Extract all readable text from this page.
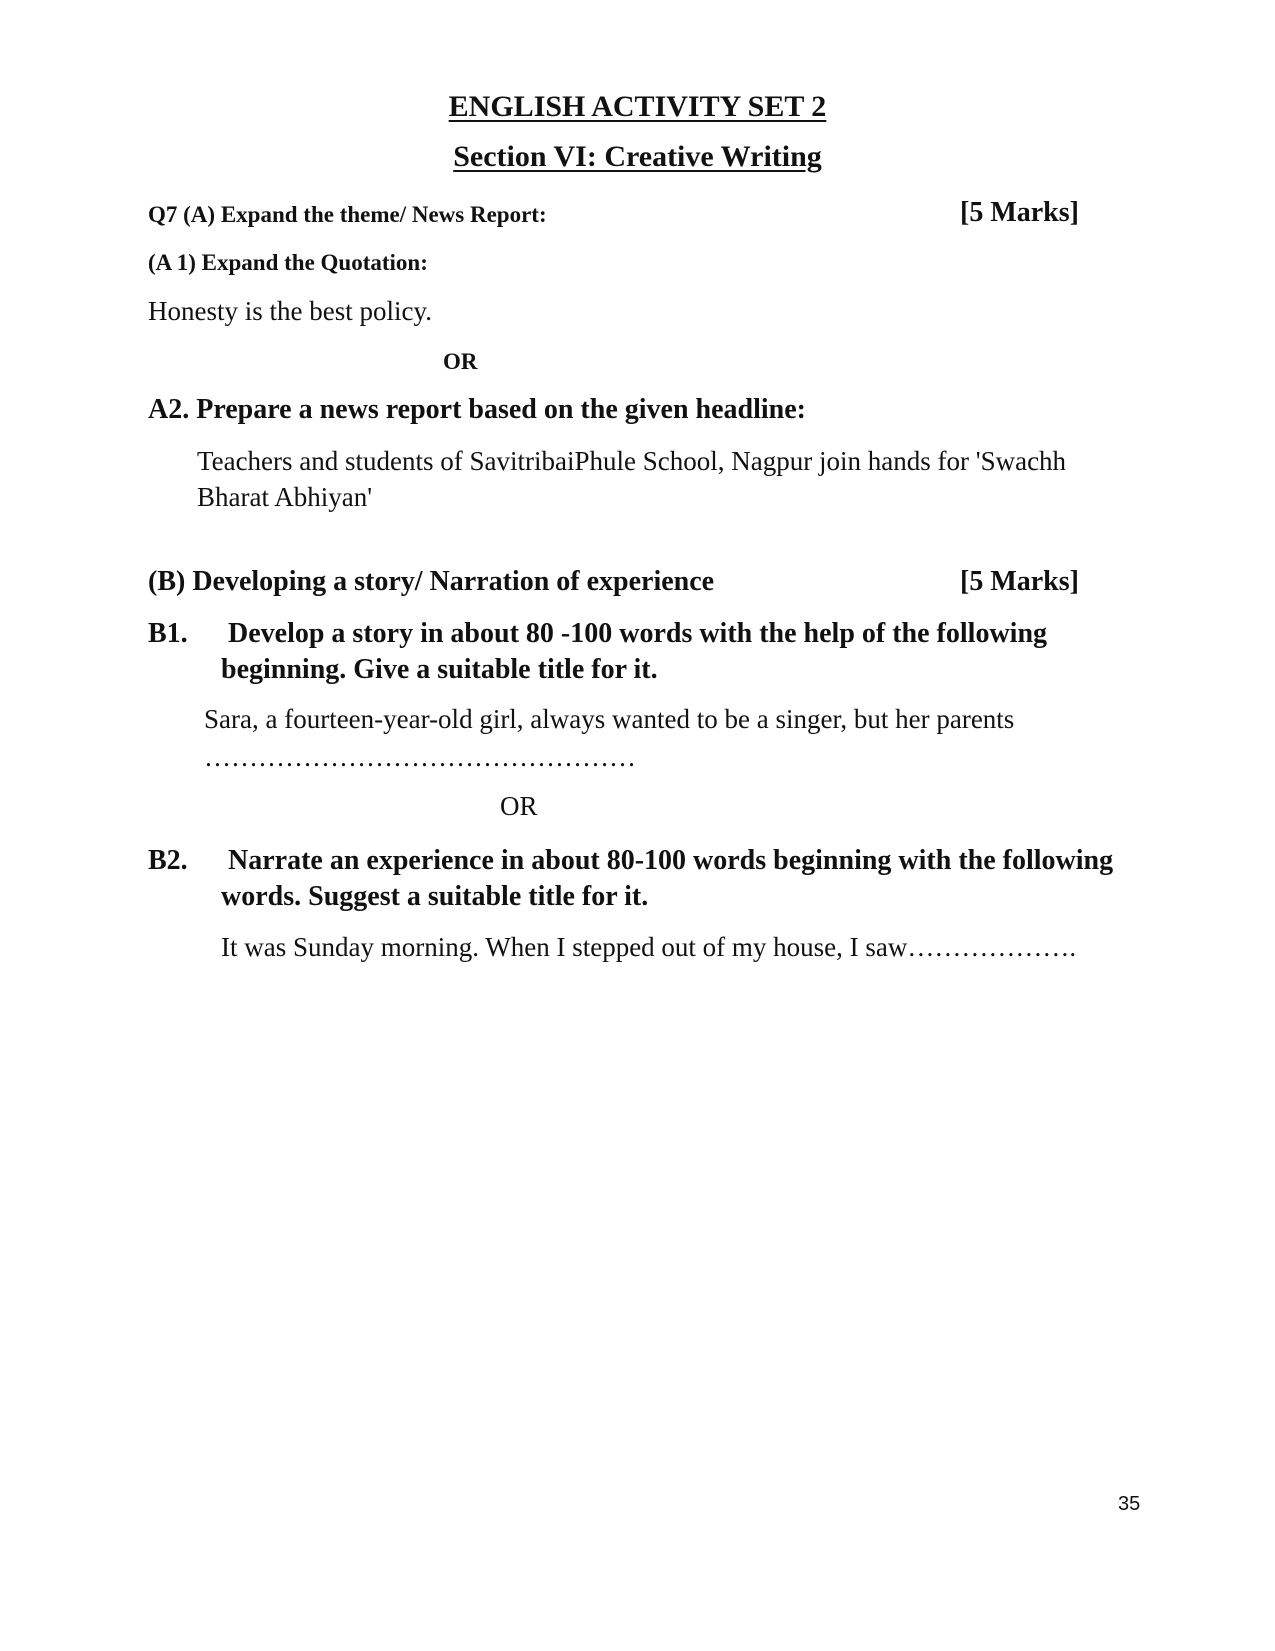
ENGLISH ACTIVITY SET 2
Section VI: Creative Writing
Q7 (A) Expand the theme/ News Report:	[5 Marks]
(A 1) Expand the Quotation:
Honesty is the best policy.
OR
A2. Prepare a news report based on the given headline:
Teachers and students of SavitribaiPhule School, Nagpur join hands for 'Swachh
Bharat Abhiyan'
(B) Developing a story/ Narration of experience	[5 Marks]
B1. Develop a story in about 80 -100 words with the help of the following
beginning. Give a suitable title for it.
Sara, a fourteen-year-old girl, always wanted to be a singer, but her parents
…………………………………………
OR
B2. Narrate an experience in about 80-100 words beginning with the following
words. Suggest a suitable title for it.
It was Sunday morning. When I stepped out of my house, I saw……………….
35
